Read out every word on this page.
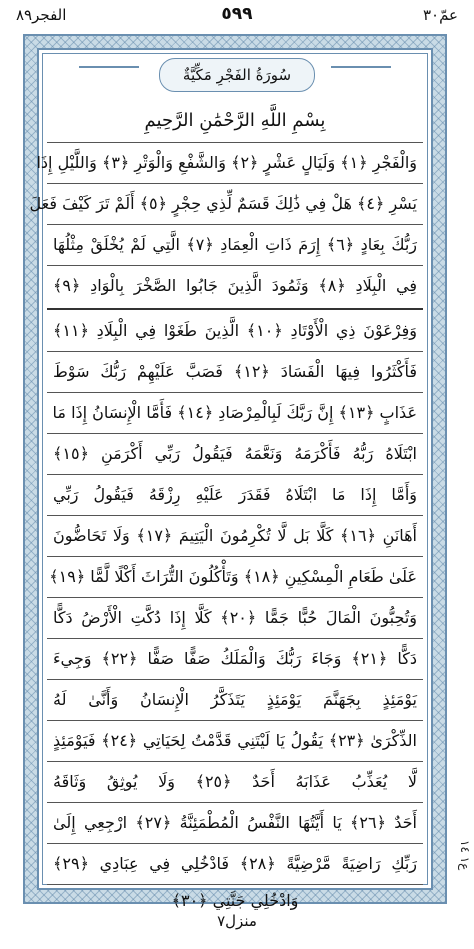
الفجر٨٩	٥٩٩	عمّ٣٠
سُورَةُ الفَجْرِ مَكِّيَّةٌ
بِسْمِ اللَّهِ الرَّحْمَٰنِ الرَّحِيمِ
وَالْفَجْرِ ﴿١﴾ وَلَيَالٍ عَشْرٍ ﴿٢﴾ وَالشَّفْعِ وَالْوَتْرِ ﴿٣﴾ وَاللَّيْلِ إِذَا
يَسْرِ ﴿٤﴾ هَلْ فِي ذَٰلِكَ قَسَمٌ لِّذِي حِجْرٍ ﴿٥﴾ أَلَمْ تَرَ كَيْفَ فَعَلَ
رَبُّكَ بِعَادٍ ﴿٦﴾ إِرَمَ ذَاتِ الْعِمَادِ ﴿٧﴾ الَّتِي لَمْ يُخْلَقْ مِثْلُهَا
فِي الْبِلَادِ ﴿٨﴾ وَثَمُودَ الَّذِينَ جَابُوا الصَّخْرَ بِالْوَادِ ﴿٩﴾
وَفِرْعَوْنَ ذِي الْأَوْتَادِ ﴿١٠﴾ الَّذِينَ طَغَوْا فِي الْبِلَادِ ﴿١١﴾
فَأَكْثَرُوا فِيهَا الْفَسَادَ ﴿١٢﴾ فَصَبَّ عَلَيْهِمْ رَبُّكَ سَوْطَ
عَذَابٍ ﴿١٣﴾ إِنَّ رَبَّكَ لَبِالْمِرْصَادِ ﴿١٤﴾ فَأَمَّا الْإِنسَانُ إِذَا مَا
ابْتَلَاهُ رَبُّهُ فَأَكْرَمَهُ وَنَعَّمَهُ فَيَقُولُ رَبِّي أَكْرَمَنِ ﴿١٥﴾
وَأَمَّا إِذَا مَا ابْتَلَاهُ فَقَدَرَ عَلَيْهِ رِزْقَهُ فَيَقُولُ رَبِّي
أَهَانَنِ ﴿١٦﴾ كَلَّا بَل لَّا تُكْرِمُونَ الْيَتِيمَ ﴿١٧﴾ وَلَا تَحَاضُّونَ
عَلَىٰ طَعَامِ الْمِسْكِينِ ﴿١٨﴾ وَتَأْكُلُونَ التُّرَاثَ أَكْلًا لَّمًّا ﴿١٩﴾
وَتُحِبُّونَ الْمَالَ حُبًّا جَمًّا ﴿٢٠﴾ كَلَّا إِذَا دُكَّتِ الْأَرْضُ دَكًّا
دَكًّا ﴿٢١﴾ وَجَاءَ رَبُّكَ وَالْمَلَكُ صَفًّا صَفًّا ﴿٢٢﴾ وَجِيءَ
يَوْمَئِذٍ بِجَهَنَّمَ يَوْمَئِذٍ يَتَذَكَّرُ الْإِنسَانُ وَأَنَّىٰ لَهُ
الذِّكْرَىٰ ﴿٢٣﴾ يَقُولُ يَا لَيْتَنِي قَدَّمْتُ لِحَيَاتِي ﴿٢٤﴾ فَيَوْمَئِذٍ
لَّا يُعَذِّبُ عَذَابَهُ أَحَدٌ ﴿٢٥﴾ وَلَا يُوثِقُ وَثَاقَهُ
أَحَدٌ ﴿٢٦﴾ يَا أَيَّتُهَا النَّفْسُ الْمُطْمَئِنَّةُ ﴿٢٧﴾ ارْجِعِي إِلَىٰ
رَبِّكِ رَاضِيَةً مَّرْضِيَّةً ﴿٢٨﴾ فَادْخُلِي فِي عِبَادِي ﴿٢٩﴾
وَادْخُلِي جَنَّتِي ﴿٣٠﴾
ع١ ١٤
منزل٧
